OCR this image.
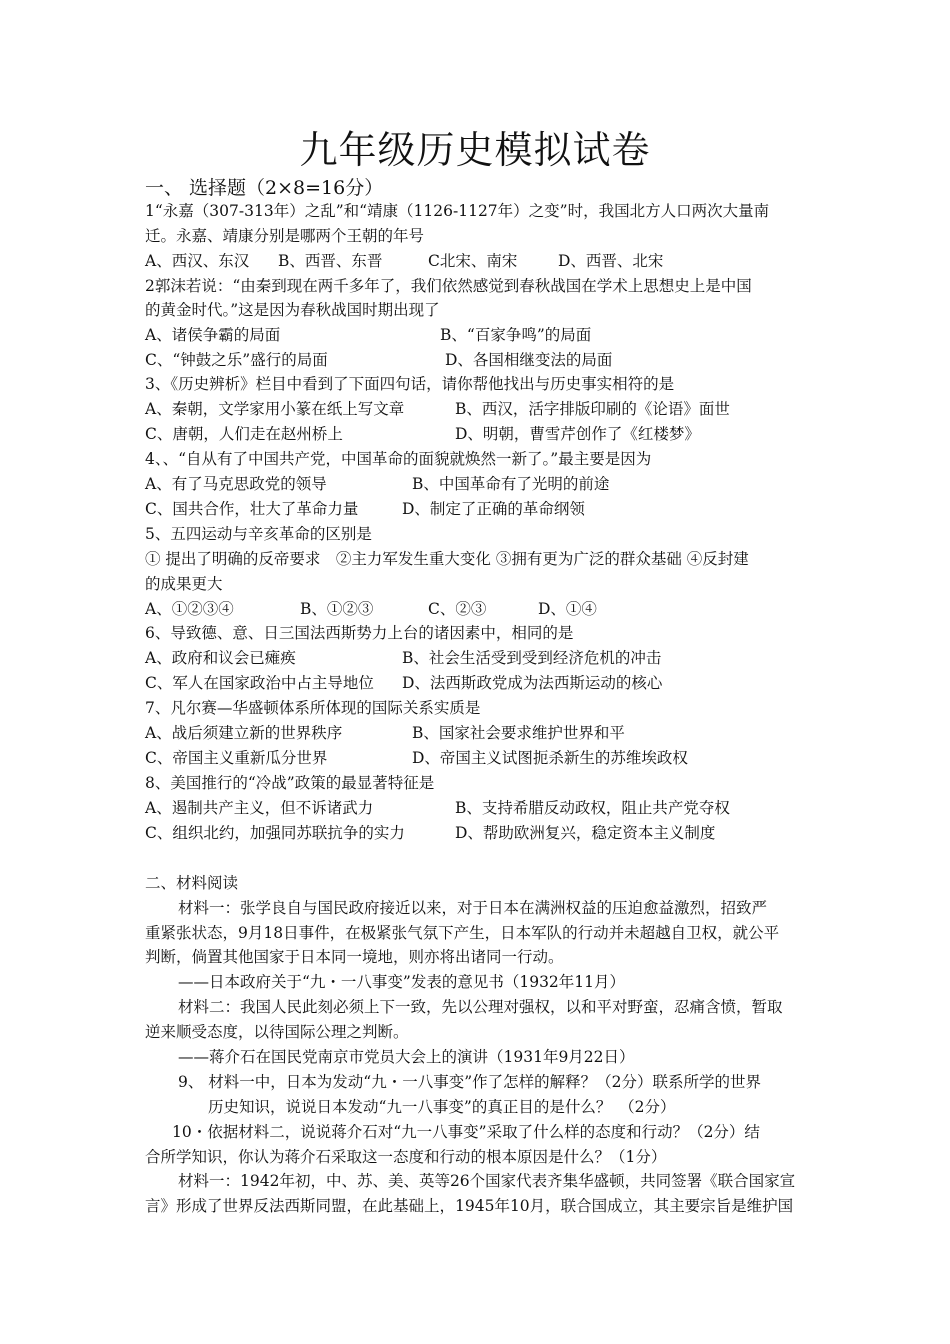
九年级历史模拟试卷
一、 选择题（2×8=16分）
1“永嘉（307-313年）之乱”和“靖康（1126-1127年）之变”时，我国北方人口两次大量南
迁。永嘉、靖康分别是哪两个王朝的年号
A、西汉、东汉 B、西晋、东晋	C北宋、南宋	D、西晋、北宋
2郭沫若说：“由秦到现在两千多年了，我们依然感觉到春秋战国在学术上思想史上是中国
的黄金时代。”这是因为春秋战国时期出现了
A、诸侯争霸的局面	B、“百家争鸣”的局面
C、“钟鼓之乐”盛行的局面	D、各国相继变法的局面
3、《历史辨析》栏目中看到了下面四句话，请你帮他找出与历史事实相符的是
A、秦朝，文学家用小篆在纸上写文章	B、西汉，活字排版印刷的《论语》面世
C、唐朝，人们走在赵州桥上	D、明朝，曹雪芹创作了《红楼梦》
4、、“自从有了中国共产党，中国革命的面貌就焕然一新了。”最主要是因为
A、有了马克思政党的领导	B、中国革命有了光明的前途
C、国共合作，壮大了革命力量	D、制定了正确的革命纲领
5、五四运动与辛亥革命的区别是
① 提出了明确的反帝要求　②主力军发生重大变化 ③拥有更为广泛的群众基础 ④反封建
的成果更大
A、①②③④	B、①②③	C、②③	D、①④
6、导致德、意、日三国法西斯势力上台的诸因素中，相同的是
A、政府和议会已瘫痪	B、社会生活受到受到经济危机的冲击
C、军人在国家政治中占主导地位 D、法西斯政党成为法西斯运动的核心
7、凡尔赛—华盛顿体系所体现的国际关系实质是
A、战后须建立新的世界秩序	B、国家社会要求维护世界和平
C、帝国主义重新瓜分世界	D、帝国主义试图扼杀新生的苏维埃政权
8、美国推行的“冷战”政策的最显著特征是
A、遏制共产主义，但不诉诸武力	B、支持希腊反动政权，阻止共产党夺权
C、组织北约，加强同苏联抗争的实力	D、帮助欧洲复兴，稳定资本主义制度
二、材料阅读
材料一：张学良自与国民政府接近以来，对于日本在满洲权益的压迫愈益激烈，招致严
重紧张状态，9月18日事件，在极紧张气氛下产生，日本军队的行动并未超越自卫权，就公平
判断，倘置其他国家于日本同一境地，则亦将出诸同一行动。
——日本政府关于“九・一八事变”发表的意见书（1932年11月）
材料二：我国人民此刻必须上下一致，先以公理对强权，以和平对野蛮，忍痛含愤，暂取
逆来顺受态度，以待国际公理之判断。
——蒋介石在国民党南京市党员大会上的演讲（1931年9月22日）
9、 材料一中，日本为发动“九・一八事变”作了怎样的解释？（2分）联系所学的世界
历史知识，说说日本发动“九一八事变”的真正目的是什么？　（2分）
10・依据材料二，说说蒋介石对“九一八事变”采取了什么样的态度和行动？（2分）结
合所学知识，你认为蒋介石采取这一态度和行动的根本原因是什么？（1分）
材料一：1942年初，中、苏、美、英等26个国家代表齐集华盛顿，共同签署《联合国家宣
言》形成了世界反法西斯同盟，在此基础上，1945年10月，联合国成立，其主要宗旨是维护国
